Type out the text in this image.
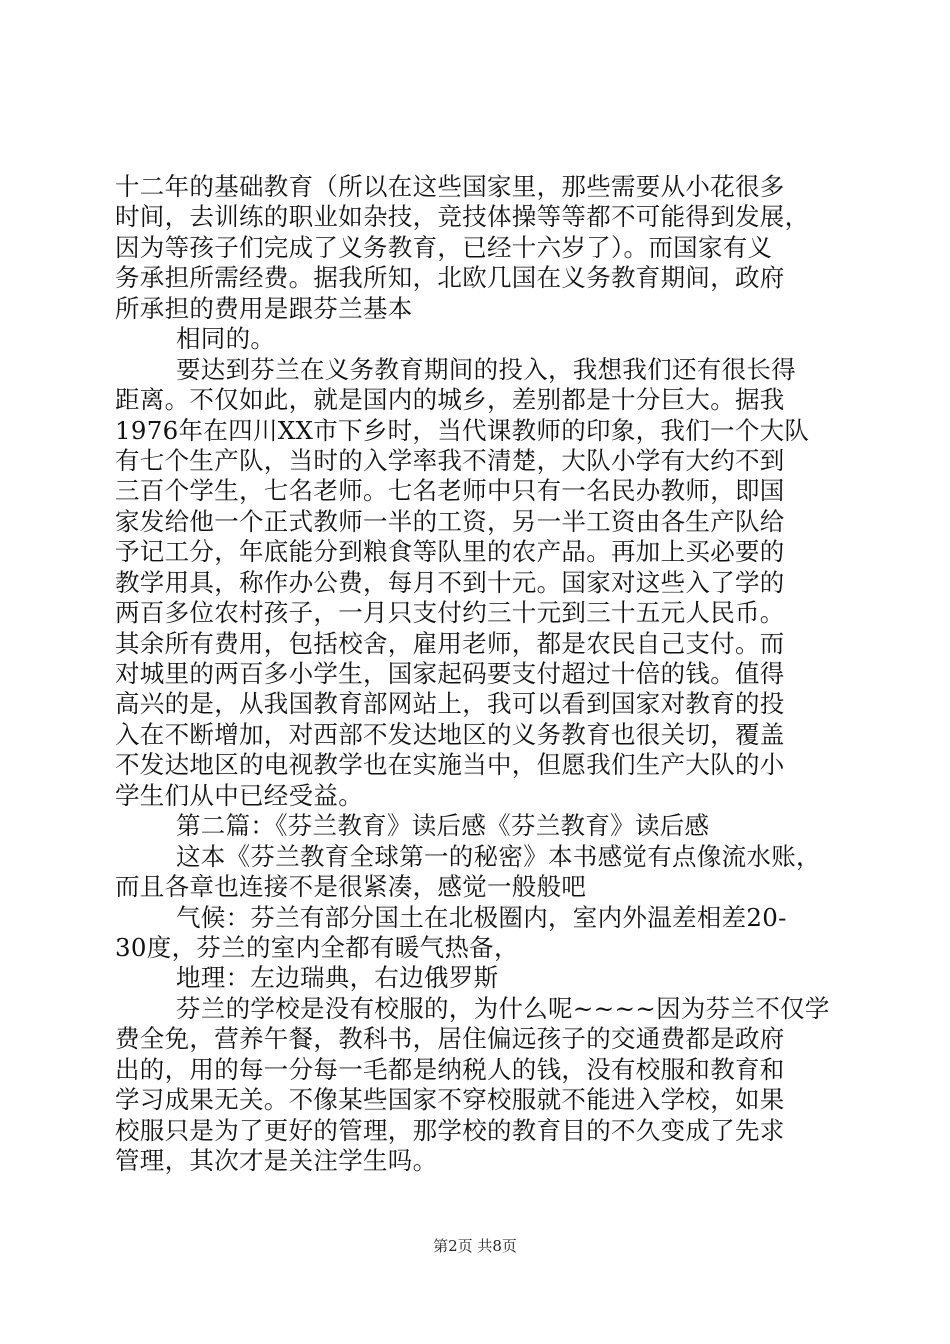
十二年的基础教育（所以在这些国家里，那些需要从小花很多
时间，去训练的职业如杂技，竞技体操等等都不可能得到发展，
因为等孩子们完成了义务教育，已经十六岁了）。而国家有义
务承担所需经费。据我所知，北欧几国在义务教育期间，政府
所承担的费用是跟芬兰基本
相同的。
要达到芬兰在义务教育期间的投入，我想我们还有很长得
距离。不仅如此，就是国内的城乡，差别都是十分巨大。据我
1976年在四川XX市下乡时，当代课教师的印象，我们一个大队
有七个生产队，当时的入学率我不清楚，大队小学有大约不到
三百个学生，七名老师。七名老师中只有一名民办教师，即国
家发给他一个正式教师一半的工资，另一半工资由各生产队给
予记工分，年底能分到粮食等队里的农产品。再加上买必要的
教学用具，称作办公费，每月不到十元。国家对这些入了学的
两百多位农村孩子，一月只支付约三十元到三十五元人民币。
其余所有费用，包括校舍，雇用老师，都是农民自己支付。而
对城里的两百多小学生，国家起码要支付超过十倍的钱。值得
高兴的是，从我国教育部网站上，我可以看到国家对教育的投
入在不断增加，对西部不发达地区的义务教育也很关切，覆盖
不发达地区的电视教学也在实施当中，但愿我们生产大队的小
学生们从中已经受益。
第二篇：《芬兰教育》读后感《芬兰教育》读后感
这本《芬兰教育全球第一的秘密》本书感觉有点像流水账，
而且各章也连接不是很紧凑，感觉一般般吧
气候：芬兰有部分国土在北极圈内，室内外温差相差20-
30度，芬兰的室内全都有暖气热备，
地理：左边瑞典，右边俄罗斯
芬兰的学校是没有校服的，为什么呢~~~~因为芬兰不仅学
费全免，营养午餐，教科书，居住偏远孩子的交通费都是政府
出的，用的每一分每一毛都是纳税人的钱，没有校服和教育和
学习成果无关。不像某些国家不穿校服就不能进入学校，如果
校服只是为了更好的管理，那学校的教育目的不久变成了先求
管理，其次才是关注学生吗。
第2页 共8页
